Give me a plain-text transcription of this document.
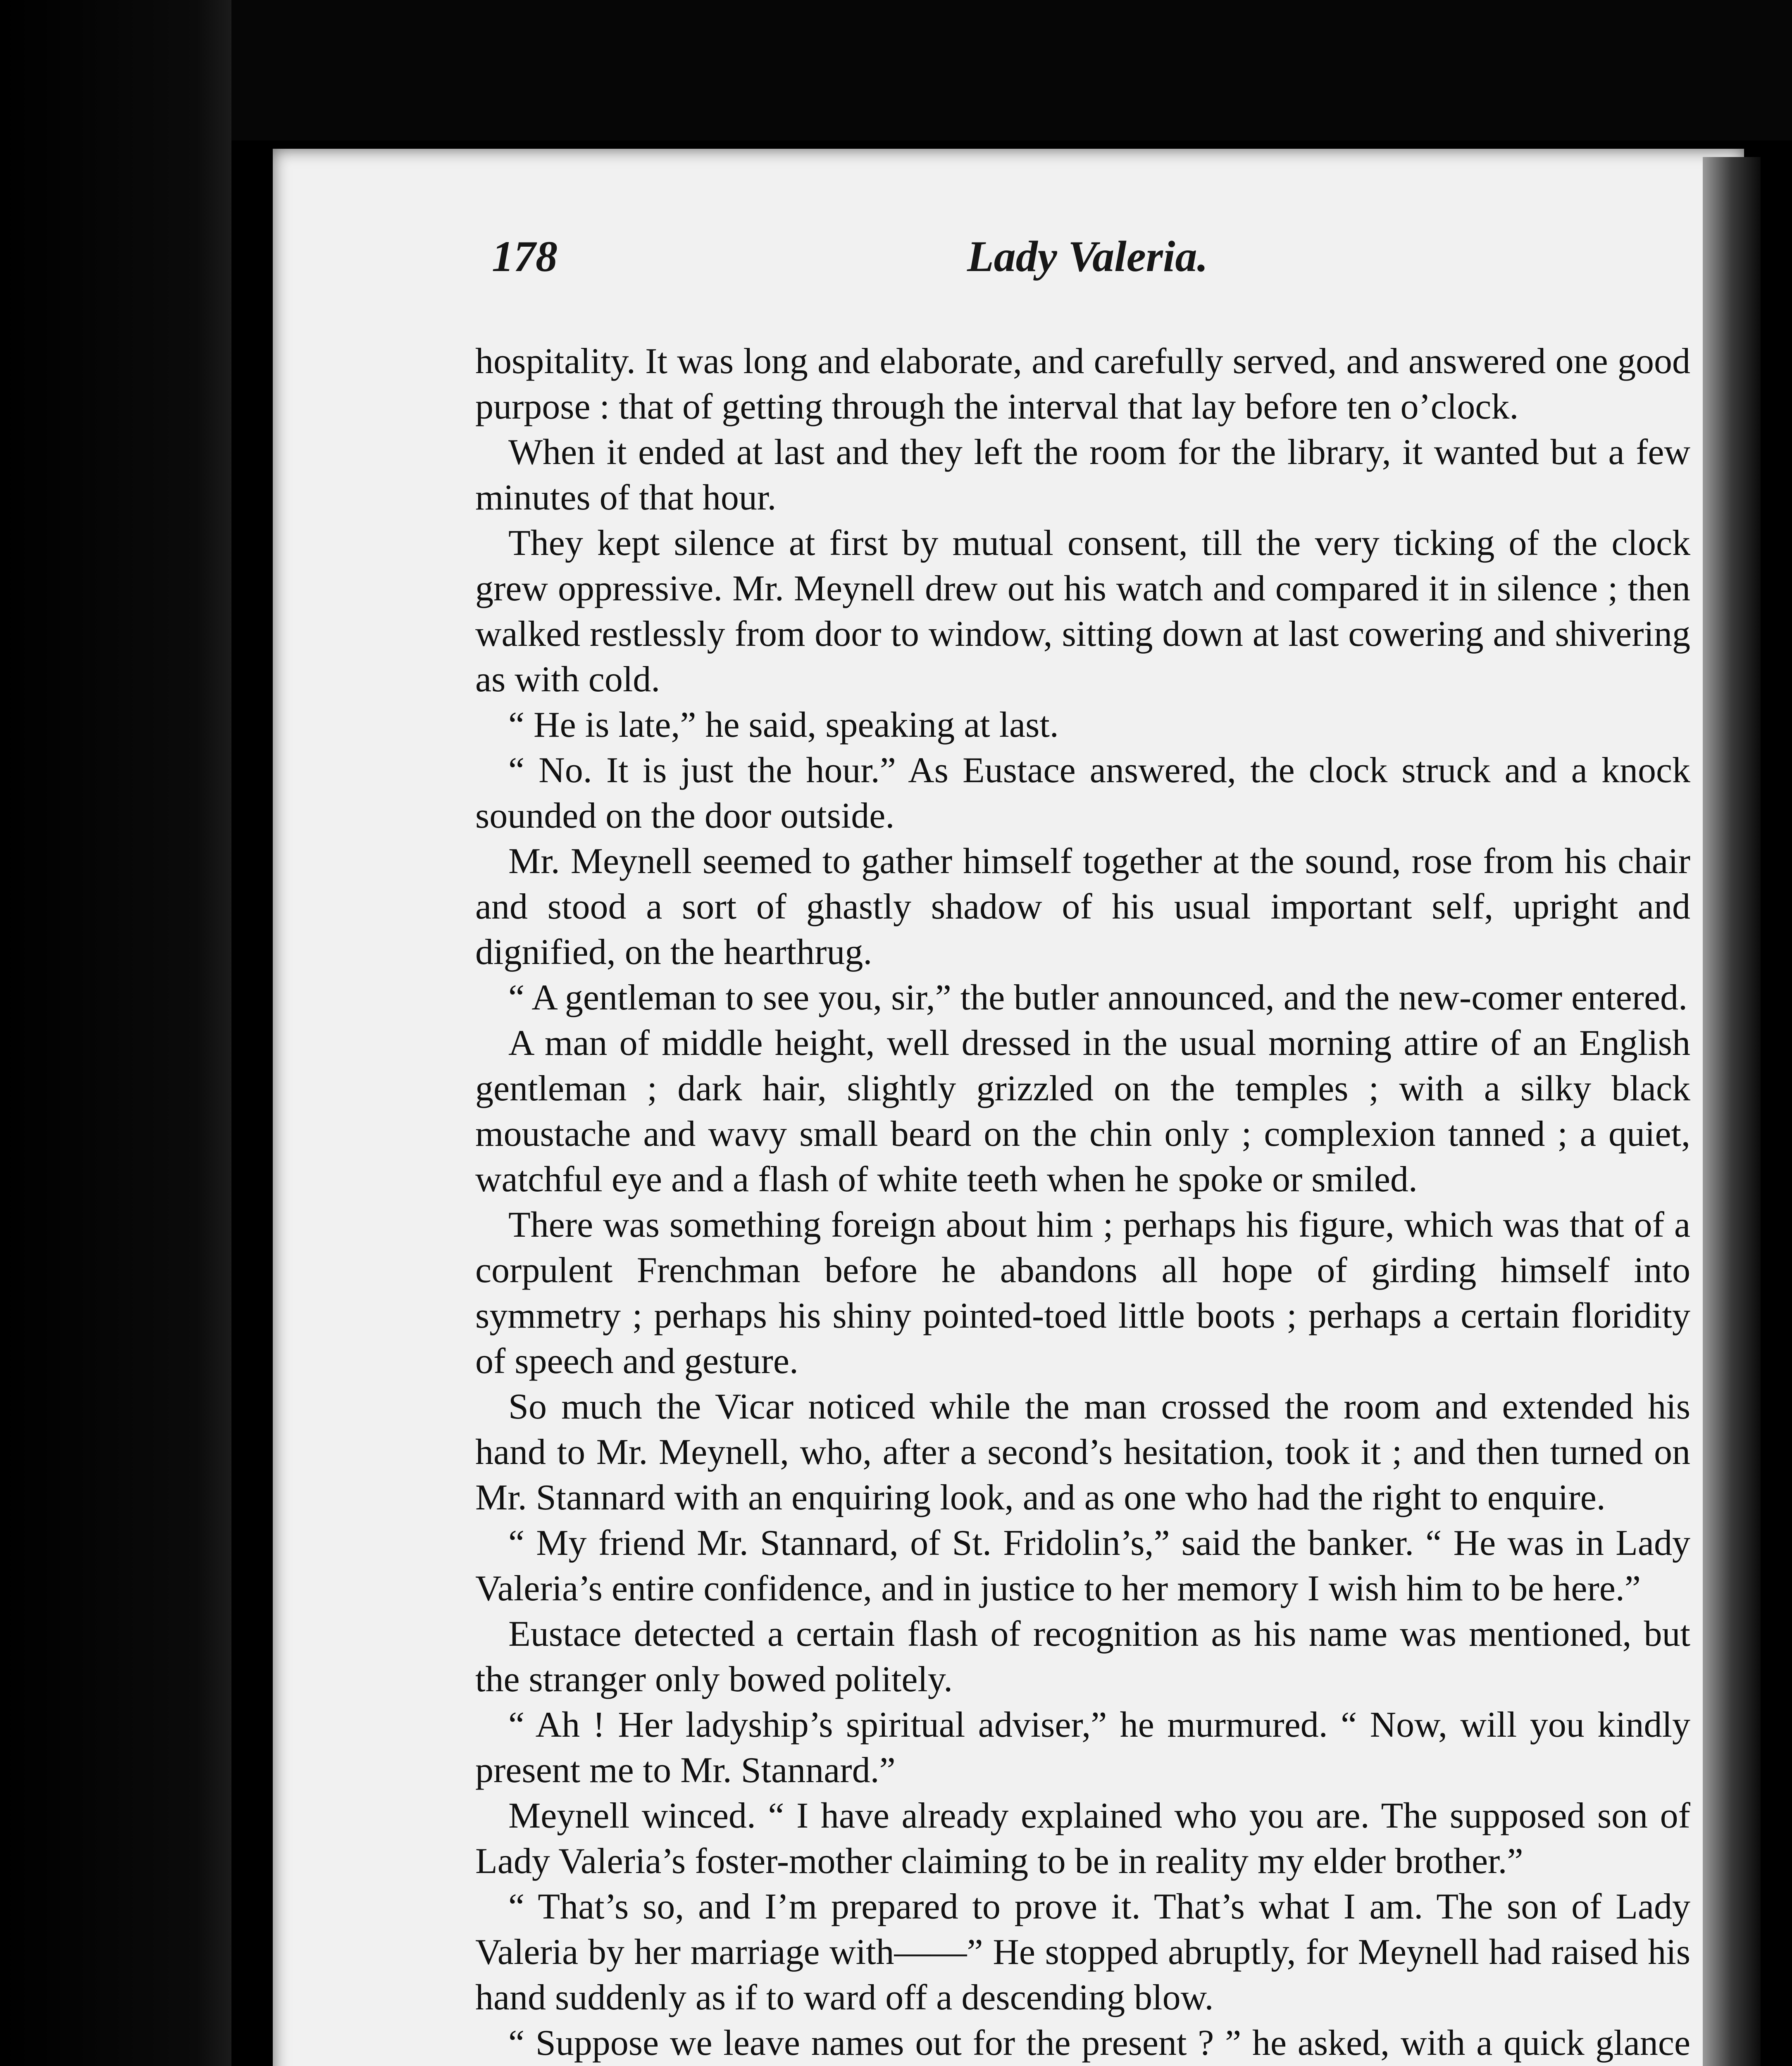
178	Lady Valeria.

hospitality. It was long and elaborate, and carefully served, and answered one good purpose : that of getting through the interval that lay before ten o’clock.

When it ended at last and they left the room for the library, it wanted but a few minutes of that hour.

They kept silence at first by mutual consent, till the very ticking of the clock grew oppressive. Mr. Meynell drew out his watch and compared it in silence ; then walked restlessly from door to window, sitting down at last cowering and shivering as with cold.

“ He is late,” he said, speaking at last.

“ No. It is just the hour.” As Eustace answered, the clock struck and a knock sounded on the door outside.

Mr. Meynell seemed to gather himself together at the sound, rose from his chair and stood a sort of ghastly shadow of his usual important self, upright and dignified, on the hearthrug.

“ A gentleman to see you, sir,” the butler announced, and the new-comer entered.

A man of middle height, well dressed in the usual morning attire of an English gentleman ; dark hair, slightly grizzled on the temples ; with a silky black moustache and wavy small beard on the chin only ; complexion tanned ; a quiet, watchful eye and a flash of white teeth when he spoke or smiled.

There was something foreign about him ; perhaps his figure, which was that of a corpulent Frenchman before he abandons all hope of girding himself into symmetry ; perhaps his shiny pointed-toed little boots ; perhaps a certain floridity of speech and gesture.

So much the Vicar noticed while the man crossed the room and extended his hand to Mr. Meynell, who, after a second’s hesitation, took it ; and then turned on Mr. Stannard with an enquiring look, and as one who had the right to enquire.

“ My friend Mr. Stannard, of St. Fridolin’s,” said the banker. “ He was in Lady Valeria’s entire confidence, and in justice to her memory I wish him to be here.”

Eustace detected a certain flash of recognition as his name was mentioned, but the stranger only bowed politely.

“ Ah ! Her ladyship’s spiritual adviser,” he murmured. “ Now, will you kindly present me to Mr. Stannard.”

Meynell winced. “ I have already explained who you are. The supposed son of Lady Valeria’s foster-mother claiming to be in reality my elder brother.”

“ That’s so, and I’m prepared to prove it. That’s what I am. The son of Lady Valeria by her marriage with——” He stopped abruptly, for Meynell had raised his hand suddenly as if to ward off a descending blow.

“ Suppose we leave names out for the present ? ” he asked, with a quick glance
